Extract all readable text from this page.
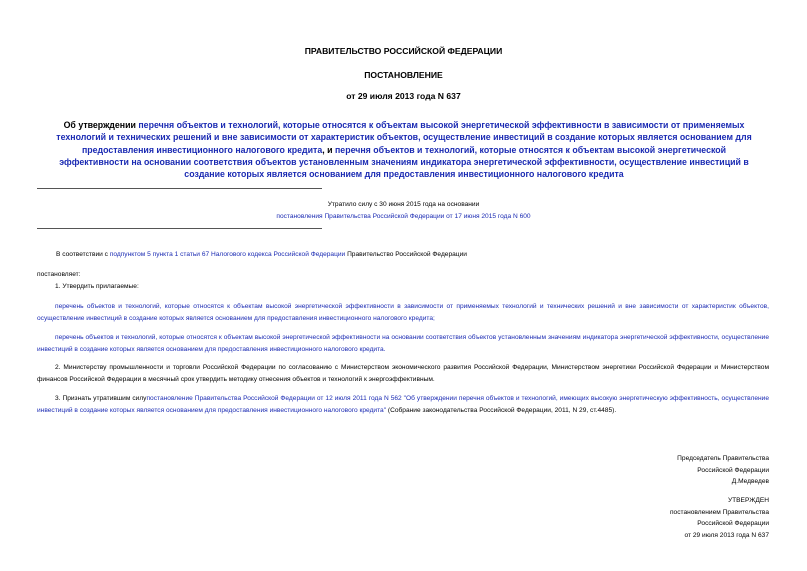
ПРАВИТЕЛЬСТВО РОССИЙСКОЙ ФЕДЕРАЦИИ
ПОСТАНОВЛЕНИЕ
от 29 июля 2013 года N 637
Об утверждении перечня объектов и технологий, которые относятся к объектам высокой энергетической эффективности в зависимости от применяемых технологий и технических решений и вне зависимости от характеристик объектов, осуществление инвестиций в создание которых является основанием для предоставления инвестиционного налогового кредита, и перечня объектов и технологий, которые относятся к объектам высокой энергетической эффективности на основании соответствия объектов установленным значениям индикатора энергетической эффективности, осуществление инвестиций в создание которых является основанием для предоставления инвестиционного налогового кредита
Утратило силу с 30 июня 2015 года на основании
постановления Правительства Российской Федерации от 17 июня 2015 года N 600
В соответствии с подпунктом 5 пункта 1 статьи 67 Налогового кодекса Российской Федерации Правительство Российской Федерации
постановляет:
1. Утвердить прилагаемые:
перечень объектов и технологий, которые относятся к объектам высокой энергетической эффективности в зависимости от применяемых технологий и технических решений и вне зависимости от характеристик объектов, осуществление инвестиций в создание которых является основанием для предоставления инвестиционного налогового кредита;
перечень объектов и технологий, которые относятся к объектам высокой энергетической эффективности на основании соответствия объектов установленным значениям индикатора энергетической эффективности, осуществление инвестиций в создание которых является основанием для предоставления инвестиционного налогового кредита.
2. Министерству промышленности и торговли Российской Федерации по согласованию с Министерством экономического развития Российской Федерации, Министерством энергетики Российской Федерации и Министерством финансов Российской Федерации в месячный срок утвердить методику отнесения объектов и технологий к энергоэффективным.
3. Признать утратившим силупостановление Правительства Российской Федерации от 12 июля 2011 года N 562 "Об утверждении перечня объектов и технологий, имеющих высокую энергетическую эффективность, осуществление инвестиций в создание которых является основанием для предоставления инвестиционного налогового кредита" (Собрание законодательства Российской Федерации, 2011, N 29, ст.4485).
Председатель Правительства
Российской Федерации
Д.Медведев
УТВЕРЖДЕН
постановлением Правительства
Российской Федерации
от 29 июля 2013 года N 637
